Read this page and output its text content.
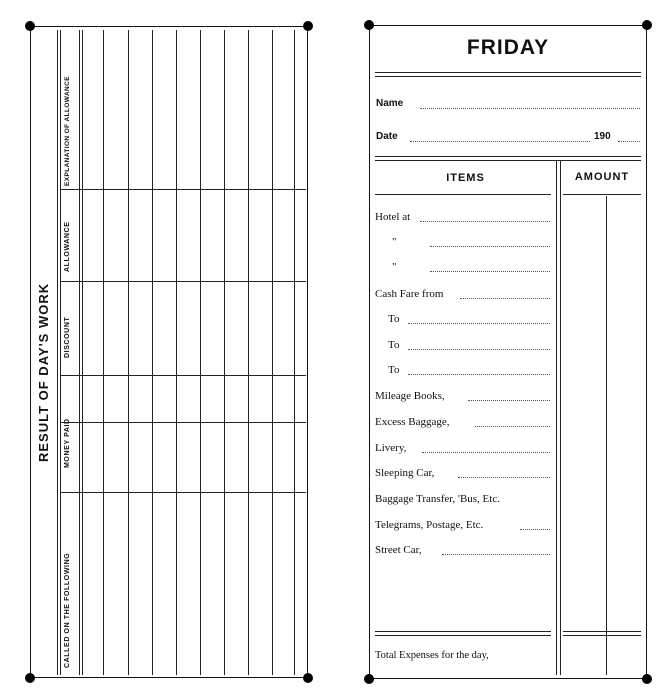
RESULT OF DAY'S WORK
CALLED ON THE FOLLOWING
MONEY PAID
DISCOUNT
ALLOWANCE
EXPLANATION OF ALLOWANCE
FRIDAY
Name
Date	190
ITEMS	AMOUNT
Hotel at
"
"
Cash Fare from
To
To
To
Mileage Books,
Excess Baggage,
Livery,
Sleeping Car,
Baggage Transfer, 'Bus, Etc.
Telegrams, Postage, Etc.
Street Car,
Total Expenses for the day,
